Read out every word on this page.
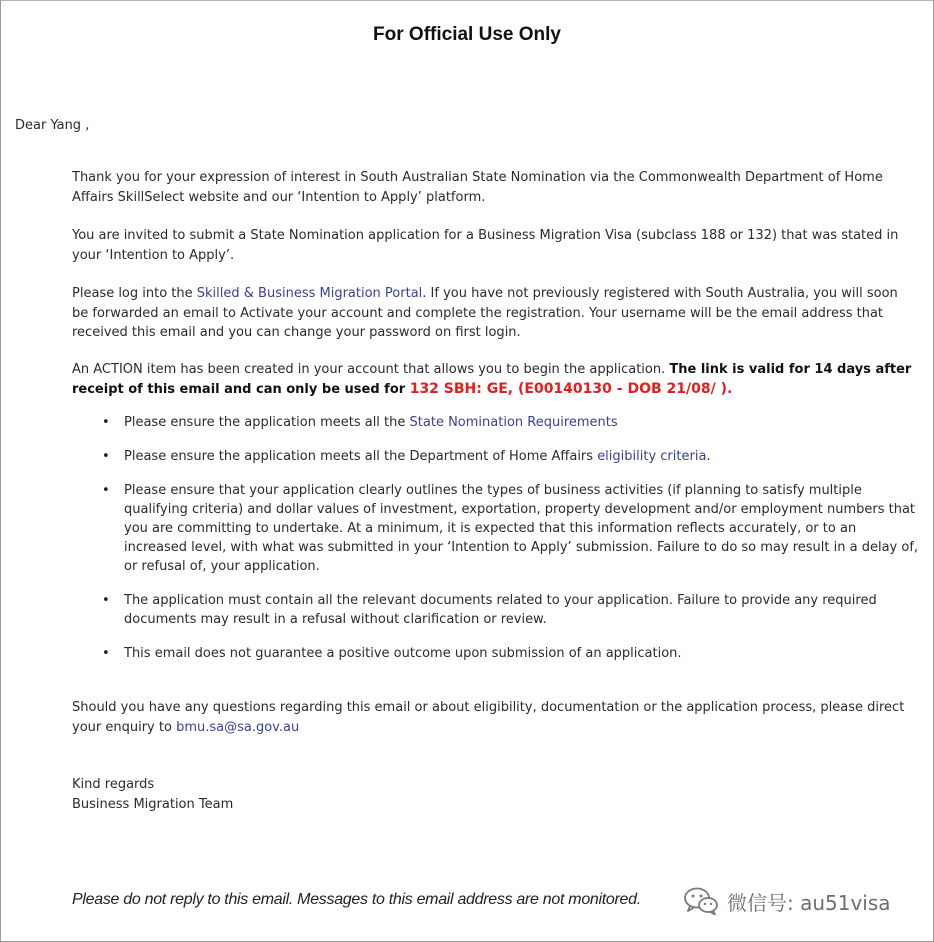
For Official Use Only
Dear Yang ,
Thank you for your expression of interest in South Australian State Nomination via the Commonwealth Department of Home Affairs SkillSelect website and our ‘Intention to Apply’ platform.
You are invited to submit a State Nomination application for a Business Migration Visa (subclass 188 or 132) that was stated in your ‘Intention to Apply’.
Please log into the Skilled & Business Migration Portal. If you have not previously registered with South Australia, you will soon be forwarded an email to Activate your account and complete the registration. Your username will be the email address that received this email and you can change your password on first login.
An ACTION item has been created in your account that allows you to begin the application. The link is valid for 14 days after receipt of this email and can only be used for 132 SBH: GE, (E00140130 - DOB 21/08/ ).
• Please ensure the application meets all the State Nomination Requirements
• Please ensure the application meets all the Department of Home Affairs eligibility criteria.
• Please ensure that your application clearly outlines the types of business activities (if planning to satisfy multiple qualifying criteria) and dollar values of investment, exportation, property development and/or employment numbers that you are committing to undertake. At a minimum, it is expected that this information reflects accurately, or to an increased level, with what was submitted in your ‘Intention to Apply’ submission. Failure to do so may result in a delay of, or refusal of, your application.
• The application must contain all the relevant documents related to your application. Failure to provide any required documents may result in a refusal without clarification or review.
• This email does not guarantee a positive outcome upon submission of an application.
Should you have any questions regarding this email or about eligibility, documentation or the application process, please direct your enquiry to bmu.sa@sa.gov.au
Kind regards
Business Migration Team
Please do not reply to this email. Messages to this email address are not monitored.	微信号: au51visa
